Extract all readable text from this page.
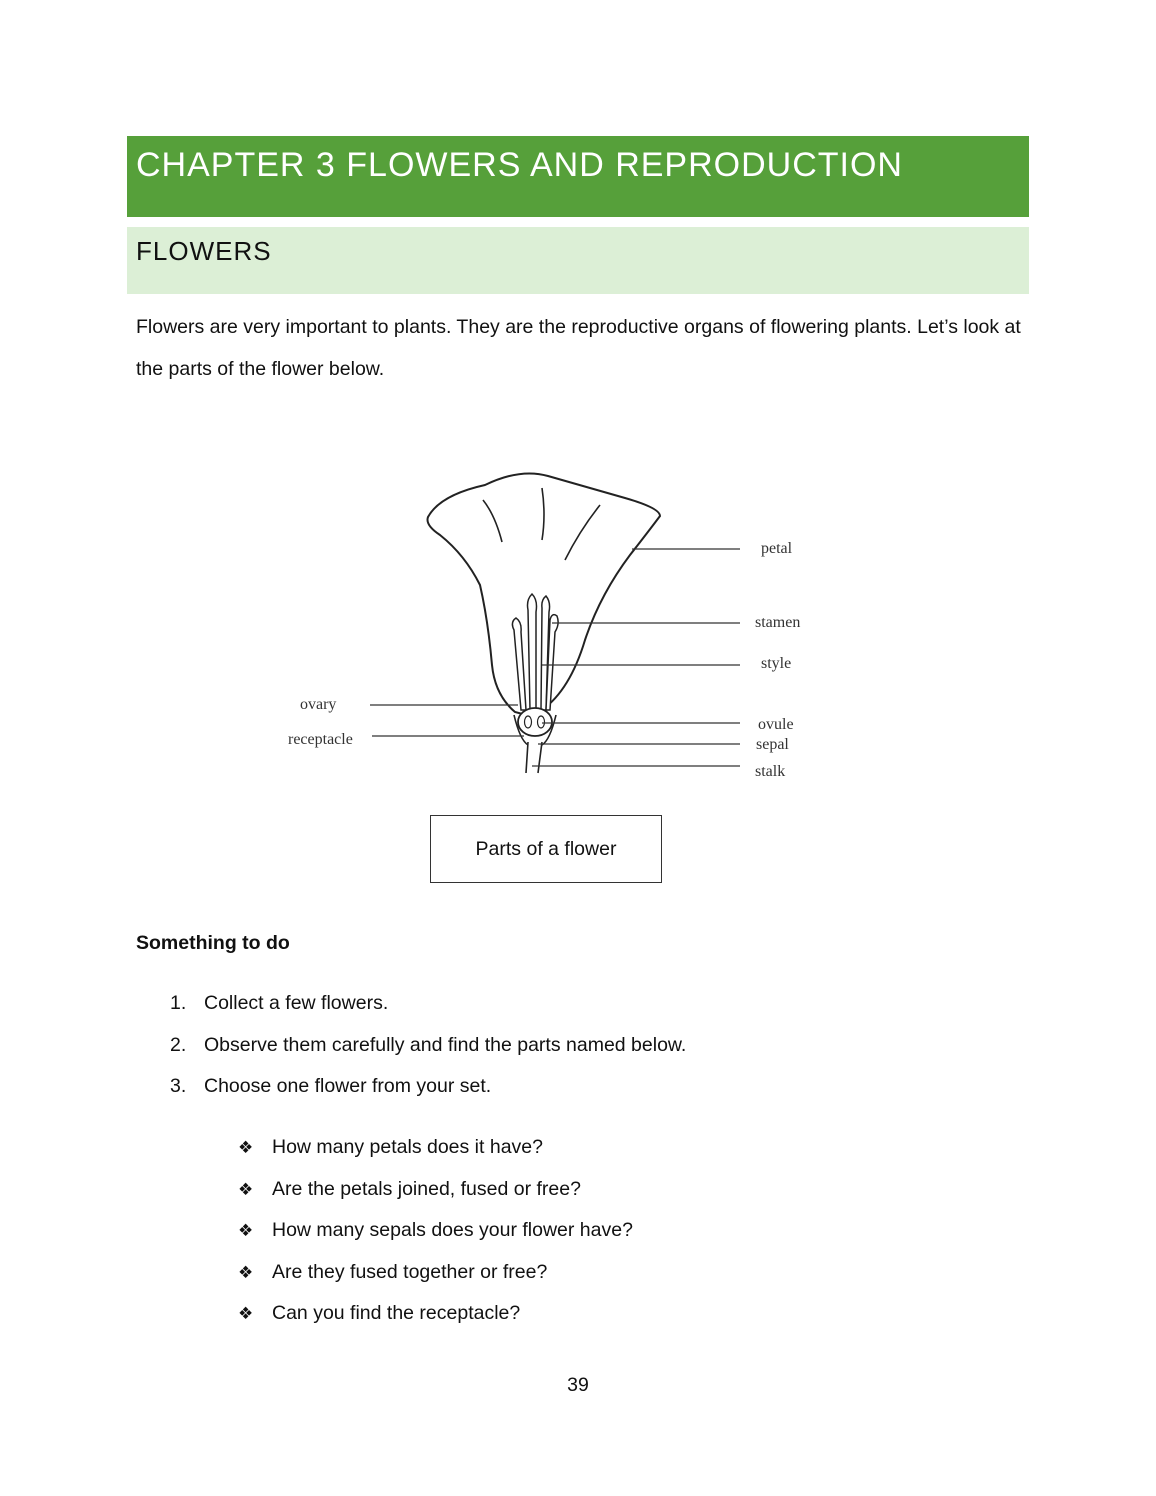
CHAPTER 3 FLOWERS AND REPRODUCTION
FLOWERS

Flowers are very important to plants. They are the reproductive organs of flowering plants. Let’s look at the parts of the flower below.

petal
stamen
style
ovule
sepal
stalk
ovary
receptacle
Parts of a flower
Something to do
1. Collect a few flowers.
2. Observe them carefully and find the parts named below.
3. Choose one flower from your set.
❖ How many petals does it have?
❖ Are the petals joined, fused or free?
❖ How many sepals does your flower have?
❖ Are they fused together or free?
❖ Can you find the receptacle?
39
